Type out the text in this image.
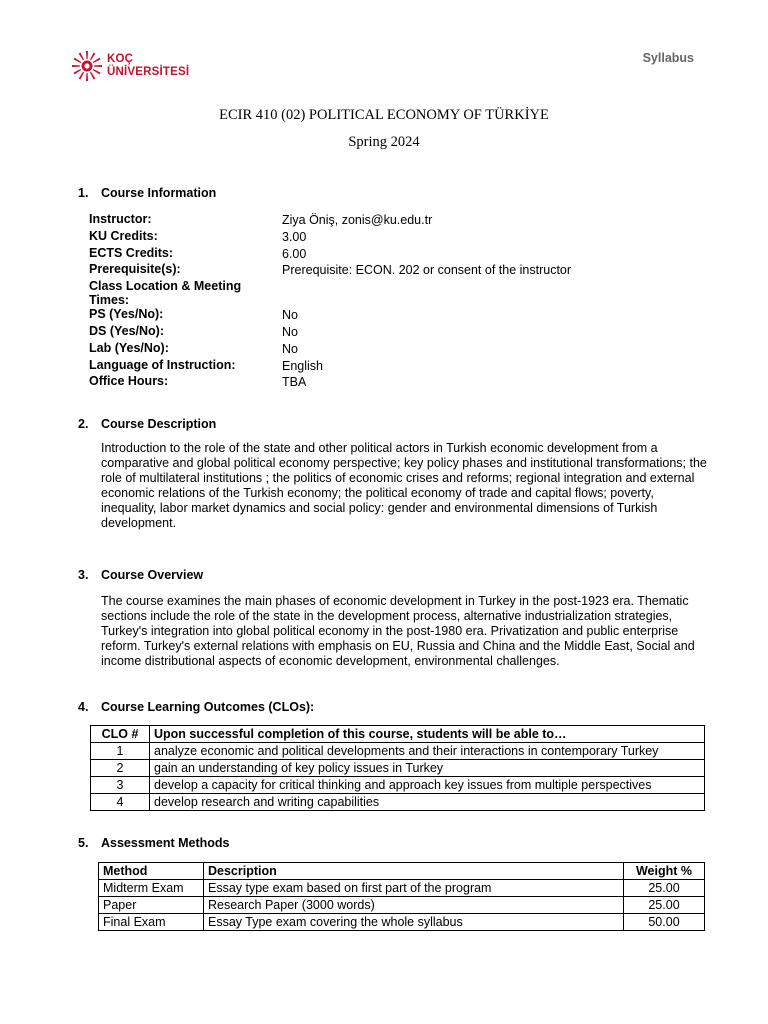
KOÇ
ÜNİVERSİTESİ
Syllabus
ECIR 410 (02) POLITICAL ECONOMY OF TÜRKİYE
Spring 2024
1. Course Information
Instructor:	Ziya Öniş, zonis@ku.edu.tr
KU Credits:	3.00
ECTS Credits:	6.00
Prerequisite(s):	Prerequisite: ECON. 202 or consent of the instructor
Class Location & Meeting Times:
PS (Yes/No):	No
DS (Yes/No):	No
Lab (Yes/No):	No
Language of Instruction:	English
Office Hours:	TBA
2. Course Description
Introduction to the role of the state and other political actors in Turkish economic development from a comparative and global political economy perspective; key policy phases and institutional transformations; the role of multilateral institutions ; the politics of economic crises and reforms; regional integration and external economic relations of the Turkish economy; the political economy of trade and capital flows; poverty, inequality, labor market dynamics and social policy: gender and environmental dimensions of Turkish development.
3. Course Overview
The course examines the main phases of economic development in Turkey in the post-1923 era. Thematic sections include the role of the state in the development process, alternative industrialization strategies, Turkey's integration into global political economy in the post-1980 era. Privatization and public enterprise reform. Turkey's external relations with emphasis on EU, Russia and China and the Middle East, Social and income distributional aspects of economic development, environmental challenges.
4. Course Learning Outcomes (CLOs):
CLO #	Upon successful completion of this course, students will be able to…
1	analyze economic and political developments and their interactions in contemporary Turkey
2	gain an understanding of key policy issues in Turkey
3	develop a capacity for critical thinking and approach key issues from multiple perspectives
4	develop research and writing capabilities
5. Assessment Methods
Method	Description	Weight %
Midterm Exam	Essay type exam based on first part of the program	25.00
Paper	Research Paper (3000 words)	25.00
Final Exam	Essay Type exam covering the whole syllabus	50.00
